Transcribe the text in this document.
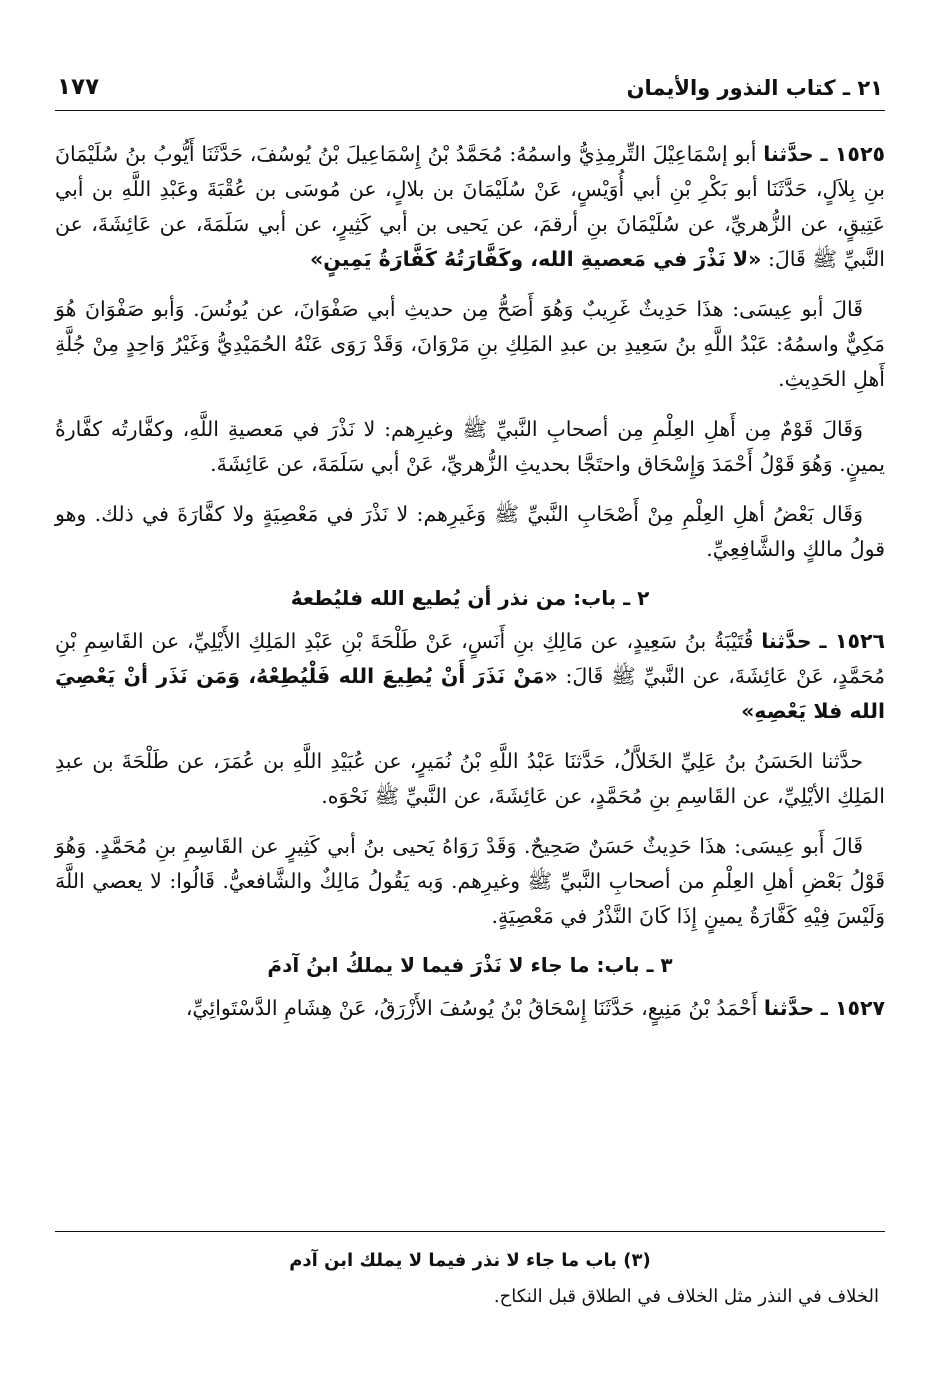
٢١ ـ كتاب النذور والأيمان
١٧٧

١٥٢٥ ـ حدَّثنا أبو إسْمَاعِيْلَ التِّرمِذِيُّ واسمُهُ: مُحَمَّدُ بْنُ إِسْمَاعِيلَ بْنُ يُوسُفَ، حَدَّثَنَا أَيُّوبُ بنُ سُلَيْمَانَ بنِ بِلاَلٍ، حَدَّثَنَا أبو بَكْرِ بْنِ أبي أُوَيْسٍ، عَنْ سُلَيْمَانَ بن بلالٍ، عن مُوسَى بن عُقْبَةَ وعَبْدِ اللَّهِ بن أبي عَتِيقٍ، عن الزُّهريِّ، عن سُلَيْمَانَ بنِ أرقمَ، عن يَحيى بن أبي كَثِيرٍ، عن أبي سَلَمَةَ، عن عَائِشَةَ، عن النَّبيِّ ﷺ قَالَ: «لا نَذْرَ في مَعصيةِ الله، وكَفَّارَتُهُ كَفَّارَةُ يَمِينٍ»

قَالَ أبو عِيسَى: هذَا حَدِيثٌ غَرِيبٌ وَهُوَ أَصَحُّ مِن حديثِ أبي صَفْوَانَ، عن يُونُسَ. وَأبو صَفْوَانَ هُوَ مَكِيٌّ واسمُهُ: عَبْدُ اللَّهِ بنُ سَعِيدِ بن عبدِ المَلِكِ بنِ مَرْوَانَ، وَقَدْ رَوَى عَنْهُ الحُمَيْدِيُّ وَغَيْرُ وَاحِدٍ مِنْ جُلَّةِ أَهلِ الحَدِيثِ.

وَقَالَ قَوْمٌ مِن أَهلِ العِلْمِ مِن أصحابِ النَّبيِّ ﷺ وغيرِهم: لا نَذْرَ في مَعصيةِ اللَّهِ، وكفَّارتُه كفَّارةُ يمينٍ. وَهُوَ قَوْلُ أَحْمَدَ وَإِسْحَاق واحتَجَّا بحديثِ الزُّهريِّ، عَنْ أبي سَلَمَةَ، عن عَائِشَةَ.

وَقَال بَعْضُ أهلِ العِلْمِ مِنْ أَصْحَابِ النَّبيِّ ﷺ وَغَيرِهم: لا نَذْرَ في مَعْصِيَةٍ ولا كفَّارَةَ في ذلك. وهو قولُ مالكٍ والشَّافِعِيِّ.

٢ ـ باب: من نذر أن يُطيع الله فليُطعهُ

١٥٢٦ ـ حدَّثنا قُتَيْبَةُ بنُ سَعِيدٍ، عن مَالِكِ بنِ أَنَسٍ، عَنْ طَلْحَةَ بْنِ عَبْدِ المَلِكِ الأَيْلِيِّ، عن القَاسِمِ بْنِ مُحَمَّدٍ، عَنْ عَائِشَةَ، عن النَّبيِّ ﷺ قَالَ: «مَنْ نَذَرَ أَنْ يُطِيعَ الله فَلْيُطِعْهُ، وَمَن نَذَر أنْ يَعْصِيَ الله فلا يَعْصِهِ»

حدَّثنا الحَسَنُ بنُ عَلِيِّ الخَلاَّلُ، حَدَّثنَا عَبْدُ اللَّهِ بْنُ نُمَيرٍ، عن عُبَيْدِ اللَّهِ بن عُمَرَ، عن طَلْحَةَ بن عبدِ المَلِكِ الأيْلِيِّ، عن القَاسِمِ بنِ مُحَمَّدٍ، عن عَائِشَةَ، عن النَّبيِّ ﷺ نَحْوَه.

قَالَ أَبو عِيسَى: هذَا حَدِيثٌ حَسَنٌ صَحِيحٌ. وَقَدْ رَوَاهُ يَحيى بنُ أبي كَثِيرٍ عن القَاسِمِ بنِ مُحَمَّدٍ. وَهُوَ قَوْلُ بَعْضِ أهلِ العِلْمِ من أصحابِ النَّبيِّ ﷺ وغيرِهم. وَبه يَقُولُ مَالِكٌ والشَّافعيُّ. قَالُوا: لا يعصي اللَّهَ وَلَيْسَ فِيْهِ كَفَّارَةُ يمينٍ إِذَا كَانَ النَّذْرُ في مَعْصِيَةٍ.

٣ ـ باب: ما جاء لا نَذْرَ فيما لا يملكُ ابنُ آدمَ

١٥٢٧ ـ حدَّثنا أَحْمَدُ بْنُ مَنِيعٍ، حَدَّثَنَا إِسْحَاقُ بْنُ يُوسُفَ الأَزْرَقُ، عَنْ هِشَامِ الدَّسْتَوائِيِّ،

(٣) باب ما جاء لا نذر فيما لا يملك ابن آدم
الخلاف في النذر مثل الخلاف في الطلاق قبل النكاح.
